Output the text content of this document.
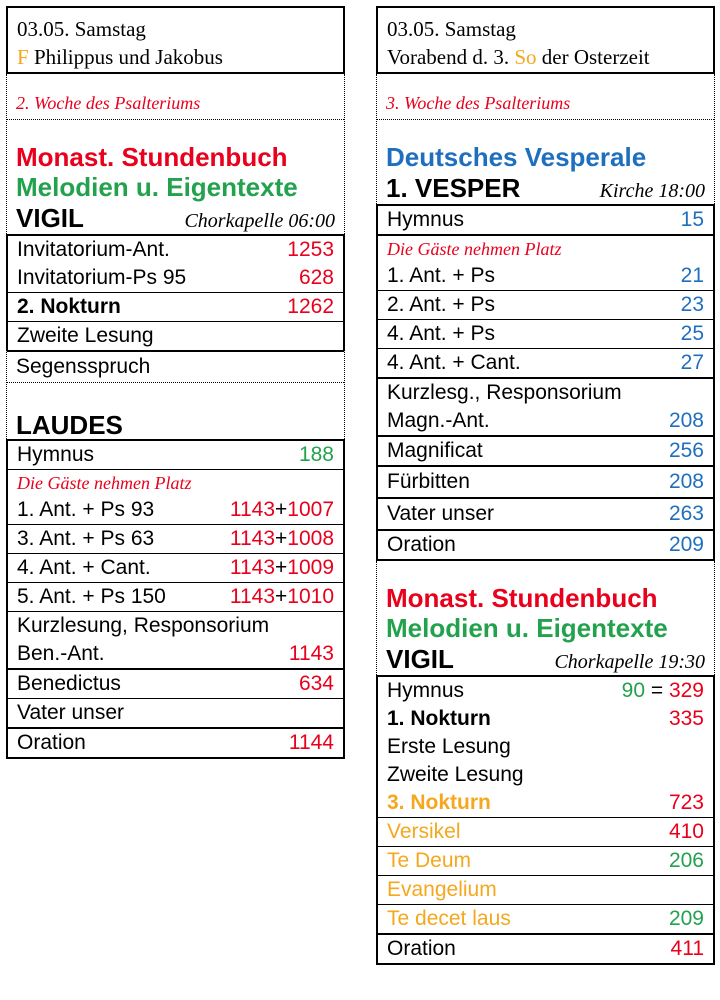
03.05. Samstag
F Philippus und Jakobus
2. Woche des Psalteriums
Monast. Stundenbuch
Melodien u. Eigentexte
VIGIL	Chorkapelle 06:00
Invitatorium-Ant.	1253
Invitatorium-Ps 95	628
2. Nokturn	1262
Zweite Lesung
Segensspruch
LAUDES
Hymnus	188
Die Gäste nehmen Platz
1. Ant. + Ps 93	1143+1007
3. Ant. + Ps 63	1143+1008
4. Ant. + Cant.	1143+1009
5. Ant. + Ps 150	1143+1010
Kurzlesung, Responsorium
Ben.-Ant.	1143
Benedictus	634
Vater unser
Oration	1144
03.05. Samstag
Vorabend d. 3. So der Osterzeit
3. Woche des Psalteriums
Deutsches Vesperale
1. VESPER	Kirche 18:00
Hymnus	15
Die Gäste nehmen Platz
1. Ant. + Ps	21
2. Ant. + Ps	23
4. Ant. + Ps	25
4. Ant. + Cant.	27
Kurzlesg., Responsorium
Magn.-Ant.	208
Magnificat	256
Fürbitten	208
Vater unser	263
Oration	209
Monast. Stundenbuch
Melodien u. Eigentexte
VIGIL	Chorkapelle 19:30
Hymnus	90 = 329
1. Nokturn	335
Erste Lesung
Zweite Lesung
3. Nokturn	723
Versikel	410
Te Deum	206
Evangelium
Te decet laus	209
Oration	411
